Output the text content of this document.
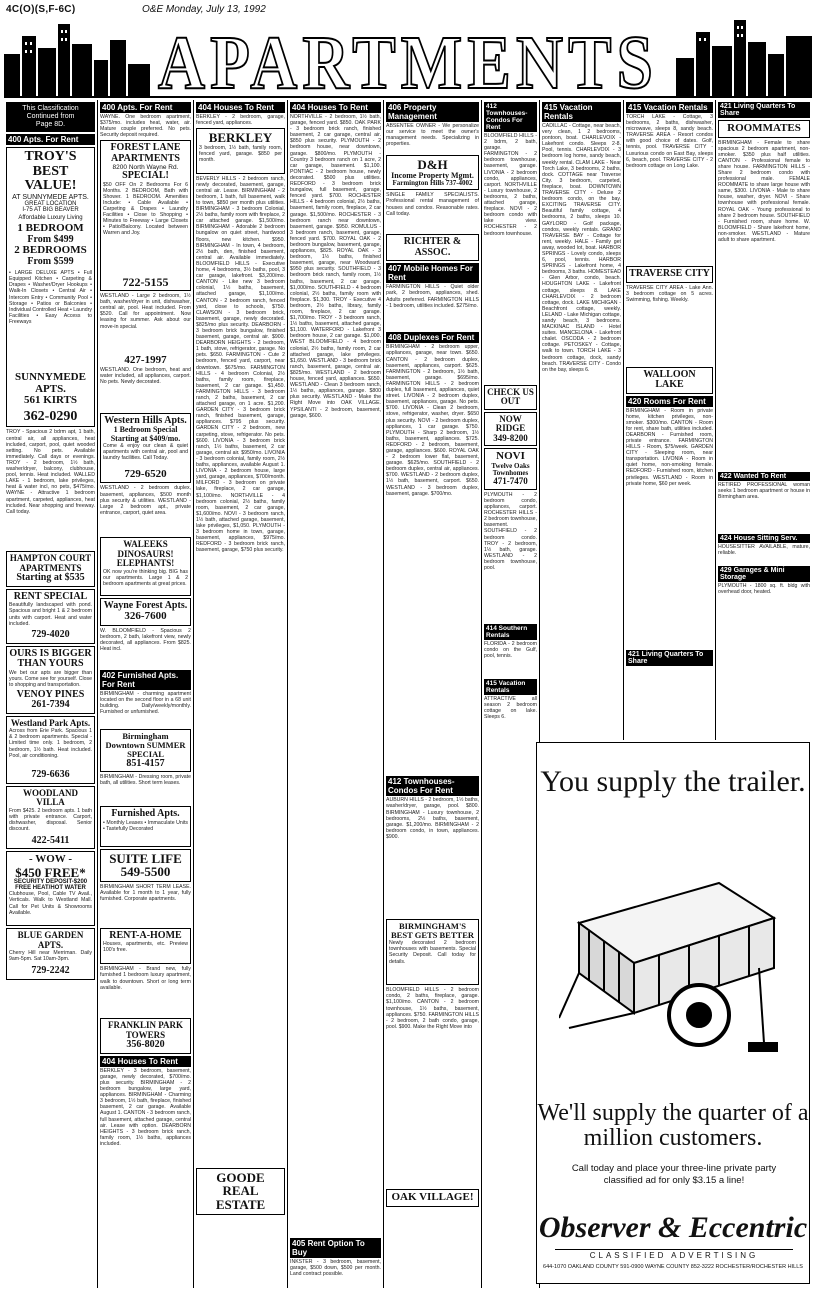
4C(O)(S,F-6C)	O&E Monday, July 13, 1992
APARTMENTS
This Classification
Continued from
Page 8D.
400 Apts. For Rent
TROY'S BEST
VALUE!
AT SUNNYMEDE APTS.
GREAT LOCATION
I-75 AT BIG BEAVER
Affordable Luxury Living
1 BEDROOM
From $499
2 BEDROOMS
From $599
• LARGE DELUXE APTS • Full Equipped Kitchen • Carpeting & Drapes • Washer/Dryer Hookups • Walk-In Closets • Central Air • Intercom Entry • Community Pool • Storage • Patios or Balconies • Individual Controlled Heat • Laundry Facilities • Easy Access to Freeways
SUNNYMEDE APTS.
561 KIRTS
362-0290
TROY - Spacious 2 bdrm apt, 1 bath, central air, all appliances, heat included, carport, pool, quiet wooded setting. No pets. Available immediately. Call days or evenings. TROY - 2 bedroom, 1½ bath, washer/dryer, balcony, clubhouse, pool, tennis. Heat included. WALLED LAKE - 1 bedroom, lake privileges, heat & water incl, no pets, $475/mo. WAYNE - Attractive 1 bedroom apartment, carpeted, appliances, heat included. Near shopping and freeway. Call today.
HAMPTON COURT APARTMENTS
Starting at $535
RENT SPECIAL
Beautifully landscaped with pond. Spacious and bright 1 & 2 bedroom units with carport. Heat and water included.
729-4020
OURS IS BIGGER THAN YOURS
We bet our apts are bigger than yours. Come see for yourself. Close to shopping and transportation.
VENOY PINES
261-7394
Westland Park Apts.
Across from Erie Park. Spacious 1 & 2 bedroom apartments. Special - Limited time only. 1 bedroom, 2 bedroom, 1½ bath. Heat included. Pool, air conditioning.
729-6636
WOODLAND VILLA
From $425. 2 bedroom apts. 1 bath with private entrance. Carport, dishwasher, disposal. Senior discount.
422-5411
- WOW -
$450 FREE*
SECURITY DEPOSIT-$200
FREE HEAT/HOT WATER
Clubhouse, Pool, Cable TV Avail., Verticals. Walk to Westland Mall. Call for Pet Units & Showrooms Available.
BLUE GARDEN APTS.
Cherry Hill near Merriman. Daily 9am-5pm. Sat 10am-3pm.
729-2242
400 Apts. For Rent
WAYNE. One bedroom apartment, $375/mo. includes heat, water, air. Mature couple preferred. No pets. Security deposit required.
FOREST LANE APARTMENTS
8200 North Wayne Rd.
SPECIAL!
$50 OFF On 2 Bedrooms For 6 Months. 2 BEDROOM, Bath with Shower. 1 BEDROOM. Amenities Include: • Cable Available • Carpeting & Drapes • Laundry Facilities • Close to Shopping • Minutes to Freeway • Large Closets • Patio/Balcony. Located between Warren and Joy.
722-5155
WESTLAND - Large 2 bedroom, 1½ bath, washer/dryer in unit, dishwasher, central air, pool. Heat included. From $520. Call for appointment. Now leasing for summer. Ask about our move-in special.
427-1997
WESTLAND. One bedroom, heat and water included, all appliances, carport. No pets. Newly decorated.
Western Hills Apts.
1 Bedroom Special
Starting at $409/mo.
Come & enjoy our clean & quiet apartments with central air, pool and laundry facilities. Call Today.
729-6520
WESTLAND - 2 bedroom duplex, basement, appliances, $500 month plus security & utilities. WESTLAND - Large 2 bedroom apt., private entrance, carport, quiet area.
WALEEKS DINOSAURS! ELEPHANTS!
OK now you're thinking big. BIG has our apartments. Large 1 & 2 bedroom apartments at great prices.
Wayne Forest Apts.
326-7600
W. BLOOMFIELD - Spacious 2 bedroom, 2 bath, lakefront view, newly decorated, all appliances. From $825. Heat incl.
402 Furnished Apts. For Rent
BIRMINGHAM - charming apartment located on the second floor in a 68 unit building. Daily/weekly/monthly. Furnished or unfurnished.
Birmingham Downtown SUMMER SPECIAL
851-4157
BIRMINGHAM - Dressing room, private bath, all utilities. Short term leases.
Furnished Apts.
• Monthly Leases • Immaculate Units • Tastefully Decorated
SUITE LIFE
549-5500
BIRMINGHAM SHORT TERM LEASE. Available for 1 month to 1 year, fully furnished. Corporate apartments.
RENT-A-HOME
Houses, apartments, etc. Preview 100's free.
BIRMINGHAM - Brand new, fully furnished 1 bedroom luxury apartment, walk to downtown. Short or long term available.
FRANKLIN PARK TOWERS
356-8020
404 Houses To Rent
BERKLEY - 3 bedroom, basement, garage, newly decorated, $700/mo. plus security. BIRMINGHAM - 2 bedroom bungalow, large yard, appliances. BIRMINGHAM - Charming 3 bedroom, 1½ bath, fireplace, finished basement, 2 car garage. Available August 1. CANTON - 3 bedroom ranch, full basement, attached garage, central air. Lease with option. DEARBORN HEIGHTS - 3 bedroom brick ranch, family room, 1½ baths, appliances included.
404 Houses To Rent
BERKLEY - 2 bedroom, garage, fenced yard, appliances.
BERKLEY
3 bedroom, 1½ bath, family room, fenced yard, garage. $850 per month.
BEVERLY HILLS - 2 bedroom ranch, newly decorated, basement, garage, central air. Lease. BIRMINGHAM - 2 bedroom, 1 bath, full basement, walk to town, $850 per month plus utilities. BIRMINGHAM - 3 bedroom Colonial, 2½ baths, family room with fireplace, 2 car attached garage. $1,500/mo. BIRMINGHAM - Adorable 2 bedroom bungalow on quiet street, hardwood floors, new kitchen. $950. BIRMINGHAM - In town, 4 bedroom, 2½ bath, den, finished basement, central air. Available immediately. BLOOMFIELD HILLS - Executive home, 4 bedrooms, 3½ baths, pool, 3 car garage, lakefront. $3,200/mo. CANTON - Like new 3 bedroom colonial, 1½ baths, basement, attached garage, $1,100/mo. CANTON - 2 bedroom ranch, fenced yard, close to schools, $750. CLAWSON - 3 bedroom brick, basement, garage, newly decorated. $825/mo plus security. DEARBORN - 3 bedroom brick bungalow, finished basement, garage, central air. $900. DEARBORN HEIGHTS - 2 bedroom, 1 bath, stove, refrigerator, garage. No pets. $650. FARMINGTON - Cute 2 bedroom, fenced yard, carport, near downtown. $675/mo. FARMINGTON HILLS - 4 bedroom Colonial, 2½ baths, family room, fireplace, basement, 2 car garage. $1,450. FARMINGTON HILLS - 3 bedroom ranch, 2 baths, basement, 2 car attached garage, on 1 acre. $1,200. GARDEN CITY - 3 bedroom brick ranch, finished basement, garage, appliances. $795 plus security. GARDEN CITY - 2 bedroom, new carpeting, stove, refrigerator. No pets. $600. LIVONIA - 3 bedroom brick ranch, 1½ baths, basement, 2 car garage, central air. $950/mo. LIVONIA - 3 bedroom colonial, family room, 2½ baths, appliances, available August 1. LIVONIA - 2 bedroom house, large yard, garage, appliances, $700/month. MILFORD - 3 bedroom on private lake, fireplace, 2 car garage, $1,100/mo. NORTHVILLE - 4 bedroom colonial, 2½ baths, family room, basement, 2 car garage, $1,600/mo. NOVI - 3 bedroom ranch, 1½ bath, attached garage, basement, lake privileges, $1,050. PLYMOUTH - 3 bedroom home in town, garage, basement, appliances, $975/mo. REDFORD - 3 bedroom brick ranch, basement, garage, $750 plus security.
GOODE REAL ESTATE
404 Houses To Rent
NORTHVILLE - 2 bedroom, 1½ bath, garage, fenced yard. $850. OAK PARK - 3 bedroom brick ranch, finished basement, 2 car garage, central air. $850 plus security. PLYMOUTH - 2 bedroom house, near downtown, garage. $800/mo. PLYMOUTH - Country 3 bedroom ranch on 1 acre, 2 car garage, basement. $1,100. PONTIAC - 2 bedroom house, newly decorated. $500 plus utilities. REDFORD - 3 bedroom brick bungalow, full basement, garage, fenced yard. $700. ROCHESTER HILLS - 4 bedroom colonial, 2½ baths, basement, family room, fireplace, 2 car garage. $1,500/mo. ROCHESTER - 3 bedroom ranch near downtown, basement, garage. $950. ROMULUS - 3 bedroom ranch, basement, garage, fenced yard. $700. ROYAL OAK - 2 bedroom bungalow, basement, garage, appliances, $825. ROYAL OAK - 3 bedroom, 1½ baths, finished basement, garage, near Woodward. $950 plus security. SOUTHFIELD - 3 bedroom brick ranch, family room, 1½ baths, basement, 2 car garage. $1,000/mo. SOUTHFIELD - 4 bedroom colonial, 2½ baths, family room with fireplace. $1,300. TROY - Executive 4 bedroom, 2½ baths, library, family room, fireplace, 2 car garage. $1,700/mo. TROY - 3 bedroom ranch, 1½ baths, basement, attached garage, $1,100. WATERFORD - Lakefront 3 bedroom house, 2 car garage. $1,000. WEST BLOOMFIELD - 4 bedroom colonial, 2½ baths, family room, 2 car attached garage, lake privileges. $1,650. WESTLAND - 3 bedroom brick ranch, basement, garage, central air. $825/mo. WESTLAND - 2 bedroom house, fenced yard, appliances. $650. WESTLAND - Clean 3 bedroom ranch, 1½ baths, appliances, garage. $800 plus security. WESTLAND - Make the Right Move into OAK VILLAGE. YPSILANTI - 2 bedroom, basement, garage, $600.
405 Rent Option To Buy
INKSTER - 3 bedroom, basement, garage, $500 down, $500 per month. Land contract possible.
406 Property Management
ABSENTEE OWNER - We personalize our service to meet the owner's management needs. Specializing in properties.
D&H
Income Property Mgmt.
Farmington Hills 737-4002
SINGLE FAMILY SPECIALISTS. Professional rental management of houses and condos. Reasonable rates. Call today.
RICHTER & ASSOC.
407 Mobile Homes For Rent
FARMINGTON HILLS - Quiet older park, 2 bedroom, appliances, shed. Adults preferred. FARMINGTON HILLS - 1 bedroom, utilities included. $275/mo.
408 Duplexes For Rent
BIRMINGHAM - 2 bedroom upper, appliances, garage, near town. $650. CANTON - 2 bedroom duplex, basement, appliances, carport. $625. FARMINGTON - 2 bedroom, 1½ bath, basement, garage. $695/mo. FARMINGTON HILLS - 2 bedroom duplex, full basement, appliances, quiet street. LIVONIA - 2 bedroom duplex, basement, appliances, garage. No pets. $700. LIVONIA - Clean 2 bedroom, stove, refrigerator, washer, dryer. $650 plus security. NOVI - 2 bedroom duplex, appliances, 1 car garage. $750. PLYMOUTH - Sharp 2 bedroom, 1½ baths, basement, appliances. $725. REDFORD - 2 bedroom, basement, garage, appliances. $600. ROYAL OAK - 2 bedroom lower flat, basement, garage. $625/mo. SOUTHFIELD - 2 bedroom duplex, central air, appliances. $700. WESTLAND - 2 bedroom duplex, 1½ bath, basement, carport. $650. WESTLAND - 3 bedroom duplex, basement, garage. $700/mo.
412 Townhouses-Condos For Rent
AUBURN HILLS - 2 bedroom, 1½ baths, washer/dryer, garage, pool. $800. BIRMINGHAM - Luxury townhouse, 2 bedrooms, 2½ baths, basement, garage. $1,200/mo. BIRMINGHAM - 2 bedroom condo, in town, appliances. $900.
BIRMINGHAM'S BEST GETS BETTER
Newly decorated 2 bedroom townhouses with basements. Special Security Deposit. Call today for details.
BLOOMFIELD HILLS - 2 bedroom condo, 2 baths, fireplace, garage. $1,100/mo. CANTON - 2 bedroom townhouse, 1½ baths, basement, appliances. $750. FARMINGTON HILLS - 2 bedroom, 2 bath condo, garage, pool. $900. Make the Right Move into
OAK VILLAGE!
412 Townhouses-Condos For Rent
BLOOMFIELD HILLS - 2 bdrm, 2 bath, garage. FARMINGTON - 2 bedroom townhouse, basement, garage. LIVONIA - 2 bedroom condo, appliances, carport. NORTHVILLE - Luxury townhouse, 2 bedrooms, 2 baths, attached garage, fireplace. NOVI - 2 bedroom condo with lake view. ROCHESTER - 2 bedroom townhouse.
CHECK US OUT
NOW RIDGE
349-8200
NOVI
Twelve Oaks Townhomes
471-7470
PLYMOUTH - 2 bedroom condo, appliances, carport. ROCHESTER HILLS - 2 bedroom townhouse, basement. SOUTHFIELD - 2 bedroom condo. TROY - 2 bedroom, 1½ bath, garage. WESTLAND - 2 bedroom townhouse, pool.
414 Southern Rentals
FLORIDA - 2 bedroom condo on the Gulf, pool, tennis.
415 Vacation Rentals
ATTRACTIVE all season 2 bedroom cottage on lake. Sleeps 6.
415 Vacation Rentals
CADILLAC - Cottage, near beach, very clean, 1 2 bedrooms, pontoon, boat. CHARLEVOIX - Lakefront condo. Sleeps 2-8. Pool, tennis. CHARLEVOIX - 3 bedroom log home, sandy beach, weekly rental. CLAM LAKE - Near Torch Lake, 3 bedrooms, 2 baths, dock. COTTAGE near Traverse City. 3 bedroom, carpeted, fireplace, boat. DOWNTOWN TRAVERSE CITY - Deluxe 2 bedroom condo, on the bay. EXCITING TRAVERSE CITY. Beautiful family cottage, 4 bedrooms, 2 baths, sleeps 10. GAYLORD - Golf package, condos, weekly rentals. GRAND TRAVERSE BAY - Cottage for rent, weekly. HALE - Family get away, wooded lot, boat. HARBOR SPRINGS - Lovely condo, sleeps 6, pool, tennis. HARBOR SPRINGS - Lakefront home, 4 bedrooms, 3 baths. HOMESTEAD - Glen Arbor, condo, beach. HOUGHTON LAKE - Lakefront cottage, sleeps 8. LAKE CHARLEVOIX - 2 bedroom cottage, dock. LAKE MICHIGAN - Beachfront cottage, weekly. LELAND - Lake Michigan cottage, sandy beach, 3 bedrooms. MACKINAC ISLAND - Hotel suites. MANCELONA - Lakefront chalet. OSCODA - 2 bedroom cottage. PETOSKEY - Cottage, walk to town. TORCH LAKE - 3 bedroom cottage, dock, sandy beach. TRAVERSE CITY - Condo on the bay, sleeps 6.
415 Vacation Rentals
TORCH LAKE - Cottage, 3 bedrooms, 2 baths, dishwasher, microwave, sleeps 8, sandy beach. TRAVERSE AREA - Resort condos with good choice of dates. Golf, tennis, pool. TRAVERSE CITY - Luxurious condo on East Bay, sleeps 6, beach, pool. TRAVERSE CITY - 2 bedroom cottage on Long Lake.
TRAVERSE CITY
TRAVERSE CITY AREA - Lake Ann. 3 bedroom cottage on 5 acres. Swimming, fishing. Weekly.
WALLOON LAKE
420 Rooms For Rent
BIRMINGHAM - Room in private home, kitchen privileges, non-smoker. $300/mo. CANTON - Room for rent, share bath, utilities included. DEARBORN - Furnished room, private entrance. FARMINGTON HILLS - Room, $75/week. GARDEN CITY - Sleeping room, near transportation. LIVONIA - Room in quiet home, non-smoking female. REDFORD - Furnished room, kitchen privileges. WESTLAND - Room in private home, $60 per week.
421 Living Quarters To Share
421 Living Quarters To Share
ROOMMATES
BIRMINGHAM - Female to share spacious 2 bedroom apartment, non-smoker. $350 plus half utilities. CANTON - Professional female to share house. FARMINGTON HILLS - Share 2 bedroom condo with professional male. FEMALE ROOMMATE to share large house with same, $300. LIVONIA - Male to share house, washer, dryer. NOVI - Share townhouse with professional female. ROYAL OAK - Young professional to share 2 bedroom house. SOUTHFIELD - Furnished room, share home. W. BLOOMFIELD - Share lakefront home, non-smoker. WESTLAND - Mature adult to share apartment.
422 Wanted To Rent
RETIRED PROFESSIONAL woman seeks 1 bedroom apartment or house in Birmingham area.
424 House Sitting Serv.
HOUSESITTER AVAILABLE, mature, reliable.
429 Garages & Mini Storage
PLYMOUTH - 1800 sq. ft. bldg with overhead door, heated.
You supply the trailer.
We'll supply the quarter of a
million customers.
Call today and place your three-line private party classified ad for only $3.15 a line!
Observer & Eccentric
CLASSIFIED ADVERTISING
644-1070 OAKLAND COUNTY 591-0900 WAYNE COUNTY 852-3222 ROCHESTER/ROCHESTER HILLS
